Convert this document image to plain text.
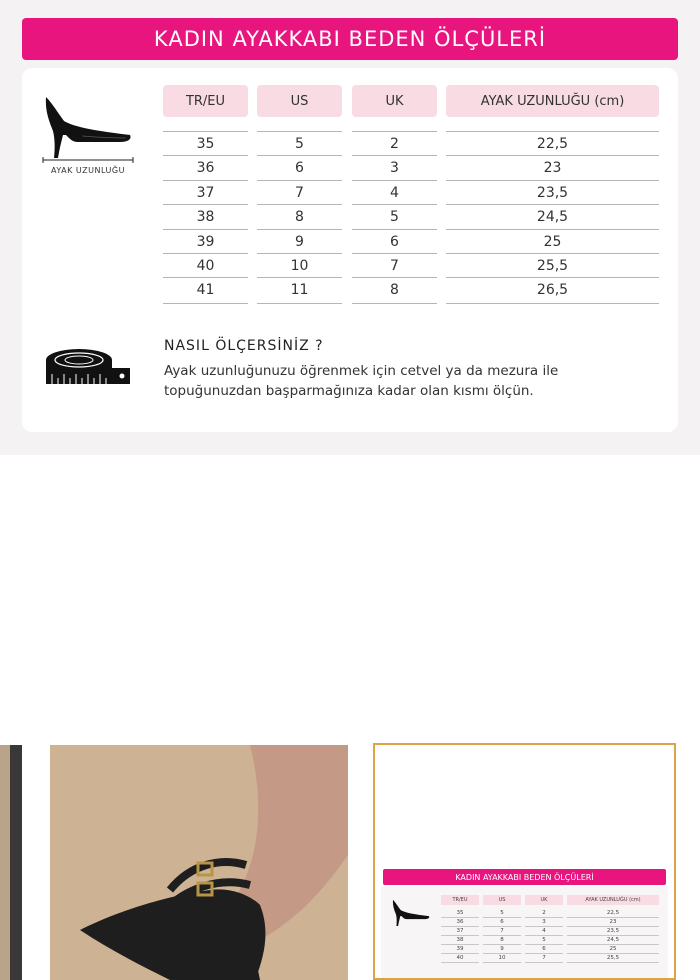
KADIN AYAKKABI BEDEN ÖLÇÜLERİ
AYAK UZUNLUĞU
TR/EU	US	UK	AYAK UZUNLUĞU (cm)
35	5	2	22,5
36	6	3	23
37	7	4	23,5
38	8	5	24,5
39	9	6	25
40	10	7	25,5
41	11	8	26,5
NASIL ÖLÇERSİNİZ ?
Ayak uzunluğunuzu öğrenmek için cetvel ya da mezura ile topuğunuzdan başparmağınıza kadar olan kısmı ölçün.
KADIN AYAKKABI BEDEN ÖLÇÜLERİ
TR/EU	US	UK	AYAK UZUNLUĞU (cm)
35	5	2	22,5
36	6	3	23
37	7	4	23,5
38	8	5	24,5
39	9	6	25
40	10	7	25,5
